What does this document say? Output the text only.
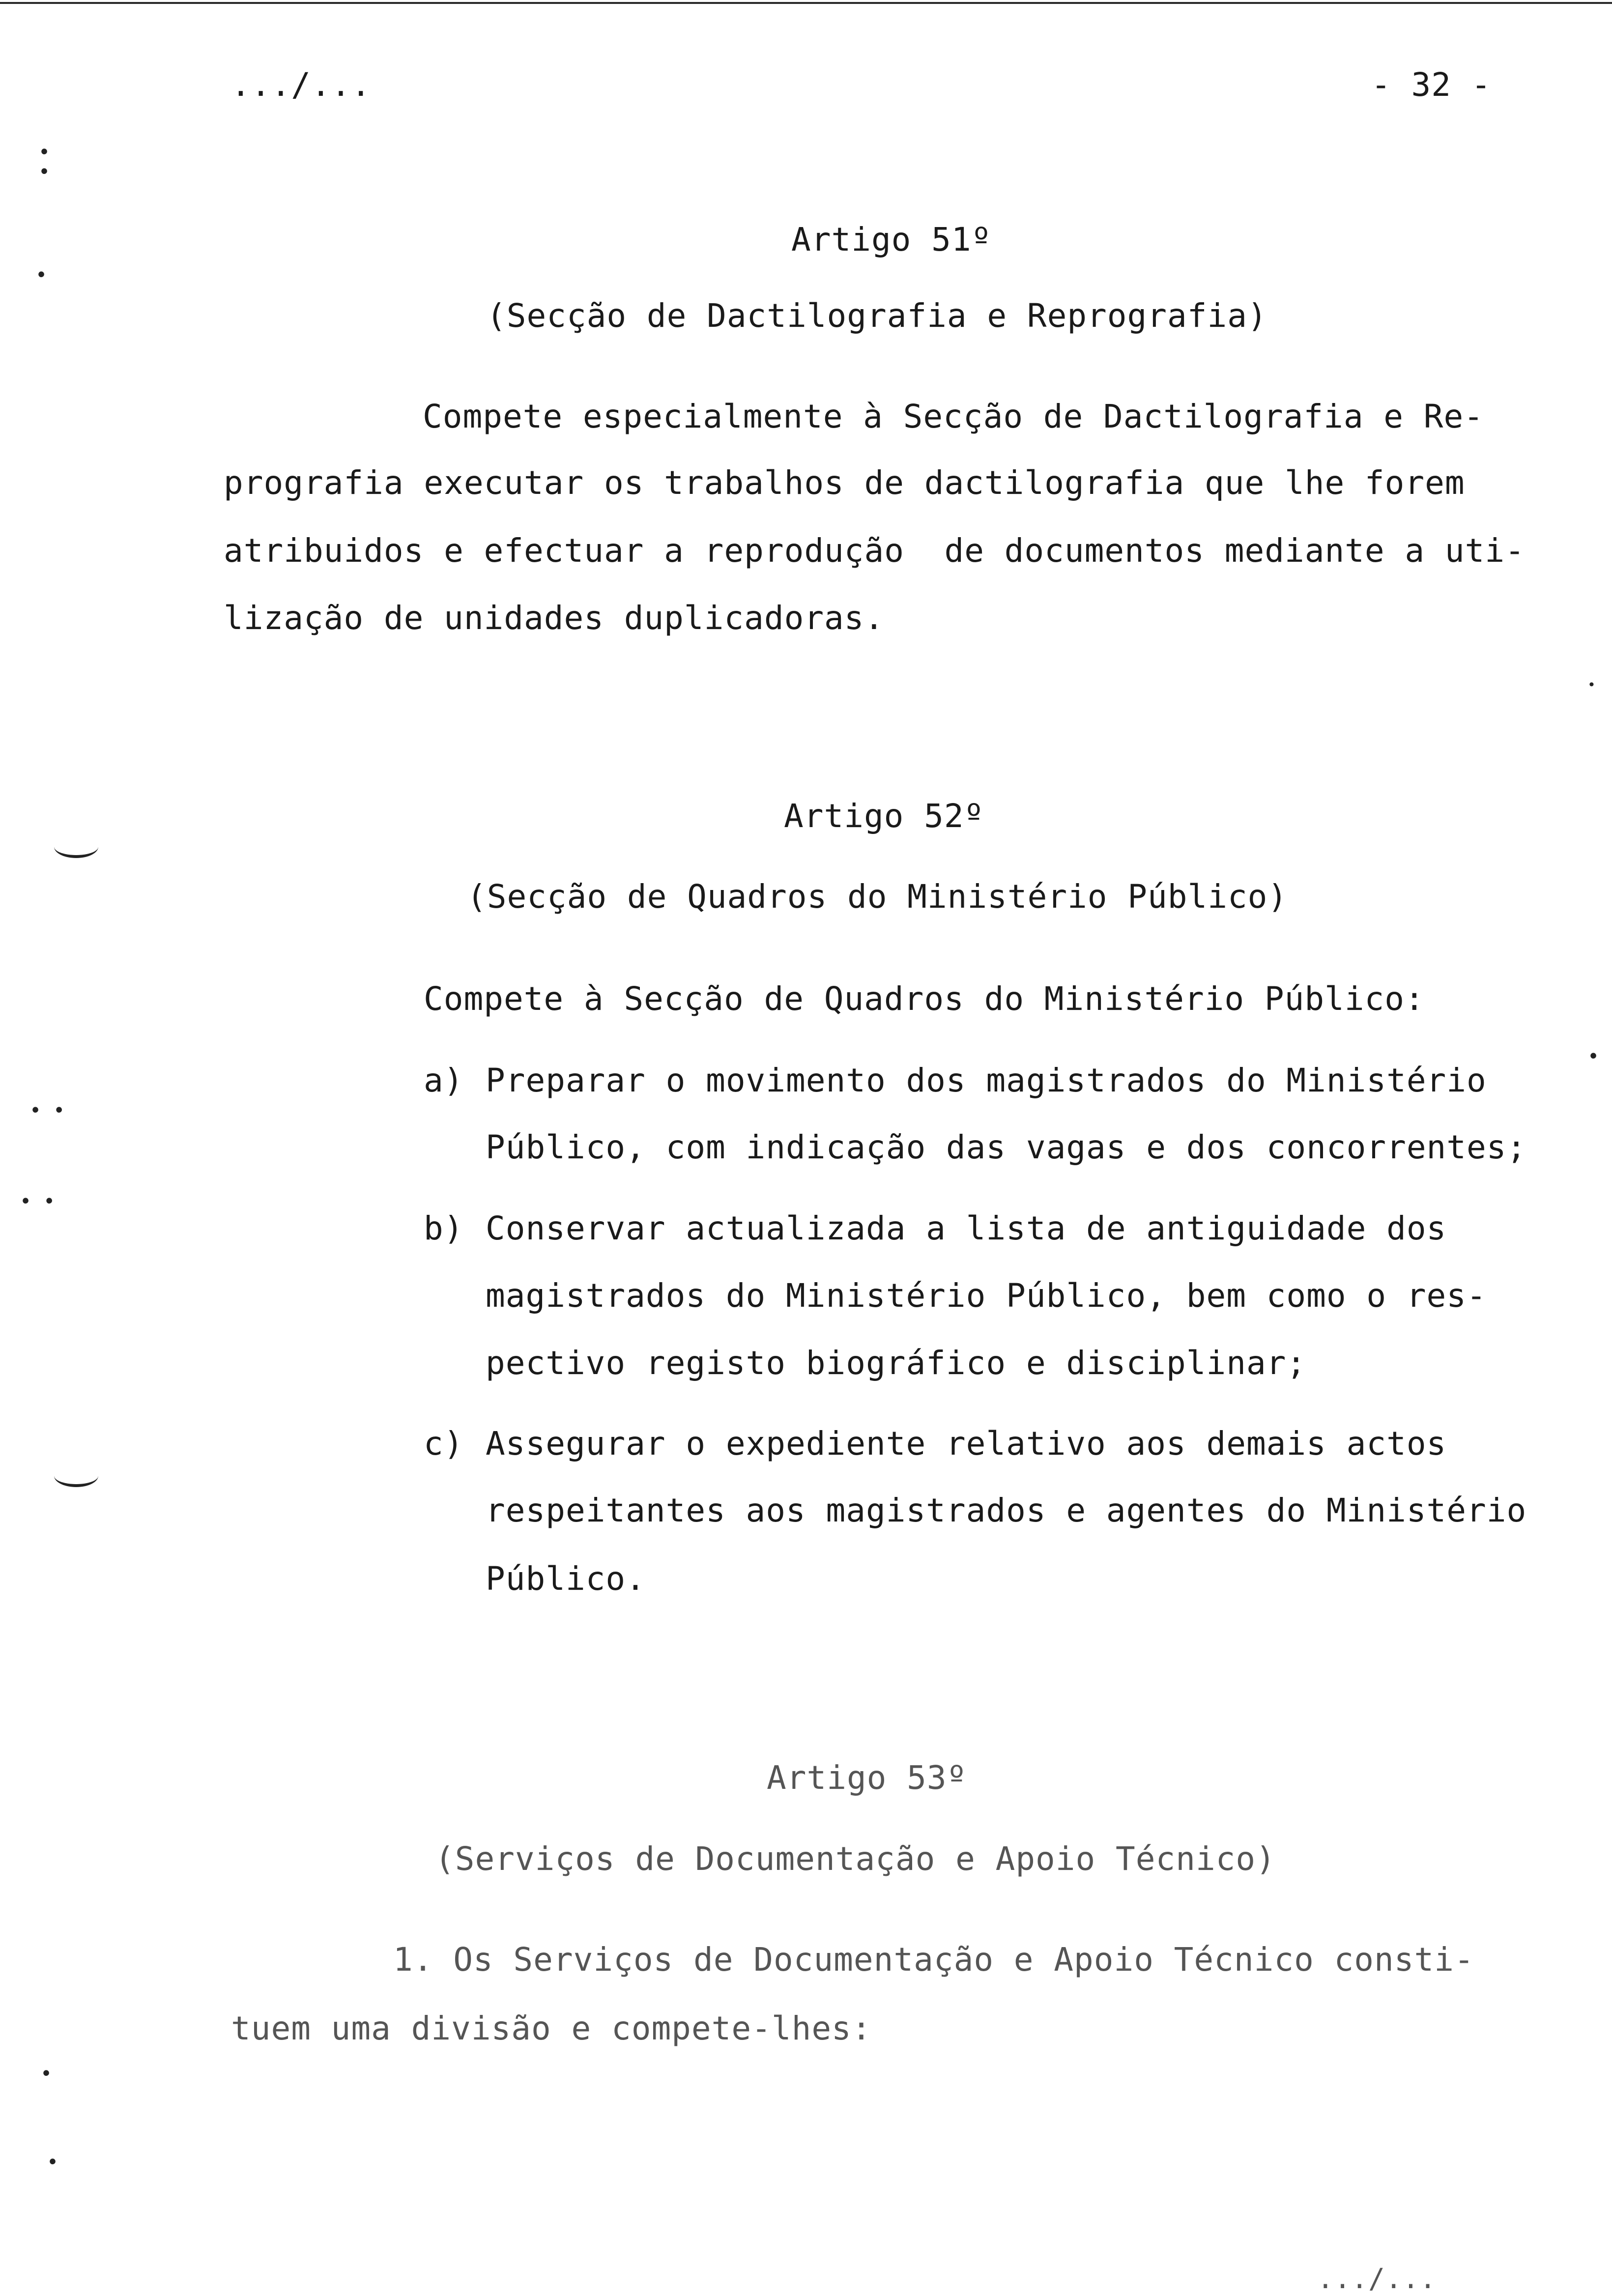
.../...	- 32 -
Artigo 51º
(Secção de Dactilografia e Reprografia)
Compete especialmente à Secção de Dactilografia e Re-
prografia executar os trabalhos de dactilografia que lhe forem
atribuidos e efectuar a reprodução  de documentos mediante a uti-
lização de unidades duplicadoras.
Artigo 52º
(Secção de Quadros do Ministério Público)
Compete à Secção de Quadros do Ministério Público:
a) Preparar o movimento dos magistrados do Ministério
Público, com indicação das vagas e dos concorrentes;
b) Conservar actualizada a lista de antiguidade dos
magistrados do Ministério Público, bem como o res-
pectivo registo biográfico e disciplinar;
c) Assegurar o expediente relativo aos demais actos
respeitantes aos magistrados e agentes do Ministério
Público.
Artigo 53º
(Serviços de Documentação e Apoio Técnico)
1. Os Serviços de Documentação e Apoio Técnico consti-
tuem uma divisão e compete-lhes:
.../...
•
•
•
• •
• •
•
•
•
•
